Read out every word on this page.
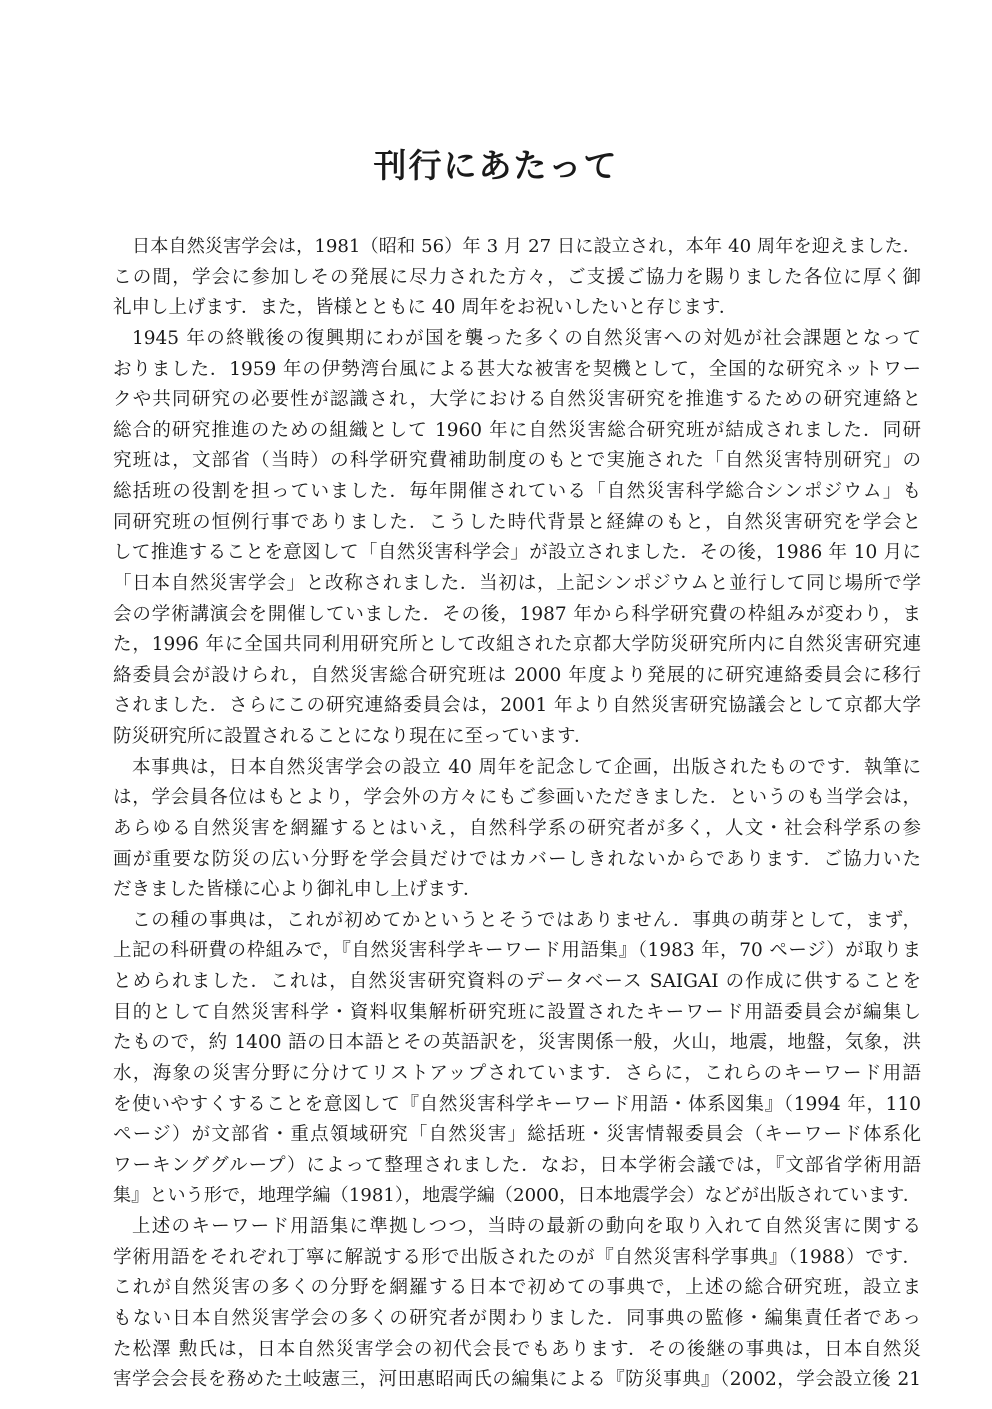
刊行にあたって
日本自然災害学会は，1981（昭和 56）年 3 月 27 日に設立され，本年 40 周年を迎えました．
この間，学会に参加しその発展に尽力された方々，ご支援ご協力を賜りました各位に厚く御
礼申し上げます．また，皆様とともに 40 周年をお祝いしたいと存じます．
1945 年の終戦後の復興期にわが国を襲った多くの自然災害への対処が社会課題となって
おりました．1959 年の伊勢湾台風による甚大な被害を契機として，全国的な研究ネットワー
クや共同研究の必要性が認識され，大学における自然災害研究を推進するための研究連絡と
総合的研究推進のための組織として 1960 年に自然災害総合研究班が結成されました．同研
究班は，文部省（当時）の科学研究費補助制度のもとで実施された「自然災害特別研究」の
総括班の役割を担っていました．毎年開催されている「自然災害科学総合シンポジウム」も
同研究班の恒例行事でありました．こうした時代背景と経緯のもと，自然災害研究を学会と
して推進することを意図して「自然災害科学会」が設立されました．その後，1986 年 10 月に
「日本自然災害学会」と改称されました．当初は，上記シンポジウムと並行して同じ場所で学
会の学術講演会を開催していました．その後，1987 年から科学研究費の枠組みが変わり，ま
た，1996 年に全国共同利用研究所として改組された京都大学防災研究所内に自然災害研究連
絡委員会が設けられ，自然災害総合研究班は 2000 年度より発展的に研究連絡委員会に移行
されました．さらにこの研究連絡委員会は，2001 年より自然災害研究協議会として京都大学
防災研究所に設置されることになり現在に至っています．
本事典は，日本自然災害学会の設立 40 周年を記念して企画，出版されたものです．執筆に
は，学会員各位はもとより，学会外の方々にもご参画いただきました．というのも当学会は，
あらゆる自然災害を網羅するとはいえ，自然科学系の研究者が多く，人文・社会科学系の参
画が重要な防災の広い分野を学会員だけではカバーしきれないからであります．ご協力いた
だきました皆様に心より御礼申し上げます．
この種の事典は，これが初めてかというとそうではありません．事典の萌芽として，まず，
上記の科研費の枠組みで，『自然災害科学キーワード用語集』（1983 年，70 ページ）が取りま
とめられました．これは，自然災害研究資料のデータベース SAIGAI の作成に供することを
目的として自然災害科学・資料収集解析研究班に設置されたキーワード用語委員会が編集し
たもので，約 1400 語の日本語とその英語訳を，災害関係一般，火山，地震，地盤，気象，洪
水，海象の災害分野に分けてリストアップされています．さらに，これらのキーワード用語
を使いやすくすることを意図して『自然災害科学キーワード用語・体系図集』（1994 年，110
ページ）が文部省・重点領域研究「自然災害」総括班・災害情報委員会（キーワード体系化
ワーキンググループ）によって整理されました．なお，日本学術会議では，『文部省学術用語
集』という形で，地理学編（1981），地震学編（2000，日本地震学会）などが出版されています．
上述のキーワード用語集に準拠しつつ，当時の最新の動向を取り入れて自然災害に関する
学術用語をそれぞれ丁寧に解説する形で出版されたのが『自然災害科学事典』（1988）です．
これが自然災害の多くの分野を網羅する日本で初めての事典で，上述の総合研究班，設立ま
もない日本自然災害学会の多くの研究者が関わりました．同事典の監修・編集責任者であっ
た松澤 勲氏は，日本自然災害学会の初代会長でもあります．その後継の事典は，日本自然災
害学会会長を務めた土岐憲三，河田惠昭両氏の編集による『防災事典』（2002，学会設立後 21
